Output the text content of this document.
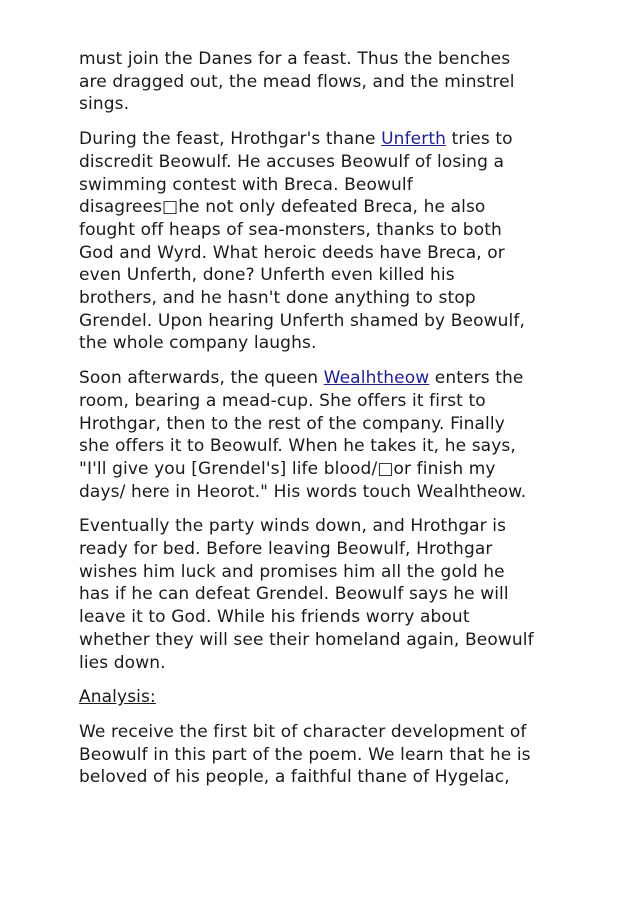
must join the Danes for a feast. Thus the benches
are dragged out, the mead flows, and the minstrel
sings.
During the feast, Hrothgar's thane Unferth tries to
discredit Beowulf. He accuses Beowulf of losing a
swimming contest with Breca. Beowulf
disagrees□he not only defeated Breca, he also
fought off heaps of sea-monsters, thanks to both
God and Wyrd. What heroic deeds have Breca, or
even Unferth, done? Unferth even killed his
brothers, and he hasn't done anything to stop
Grendel. Upon hearing Unferth shamed by Beowulf,
the whole company laughs.
Soon afterwards, the queen Wealhtheow enters the
room, bearing a mead-cup. She offers it first to
Hrothgar, then to the rest of the company. Finally
she offers it to Beowulf. When he takes it, he says,
"I'll give you [Grendel's] life blood/□or finish my
days/ here in Heorot." His words touch Wealhtheow.
Eventually the party winds down, and Hrothgar is
ready for bed. Before leaving Beowulf, Hrothgar
wishes him luck and promises him all the gold he
has if he can defeat Grendel. Beowulf says he will
leave it to God. While his friends worry about
whether they will see their homeland again, Beowulf
lies down.
Analysis:
We receive the first bit of character development of
Beowulf in this part of the poem. We learn that he is
beloved of his people, a faithful thane of Hygelac,
